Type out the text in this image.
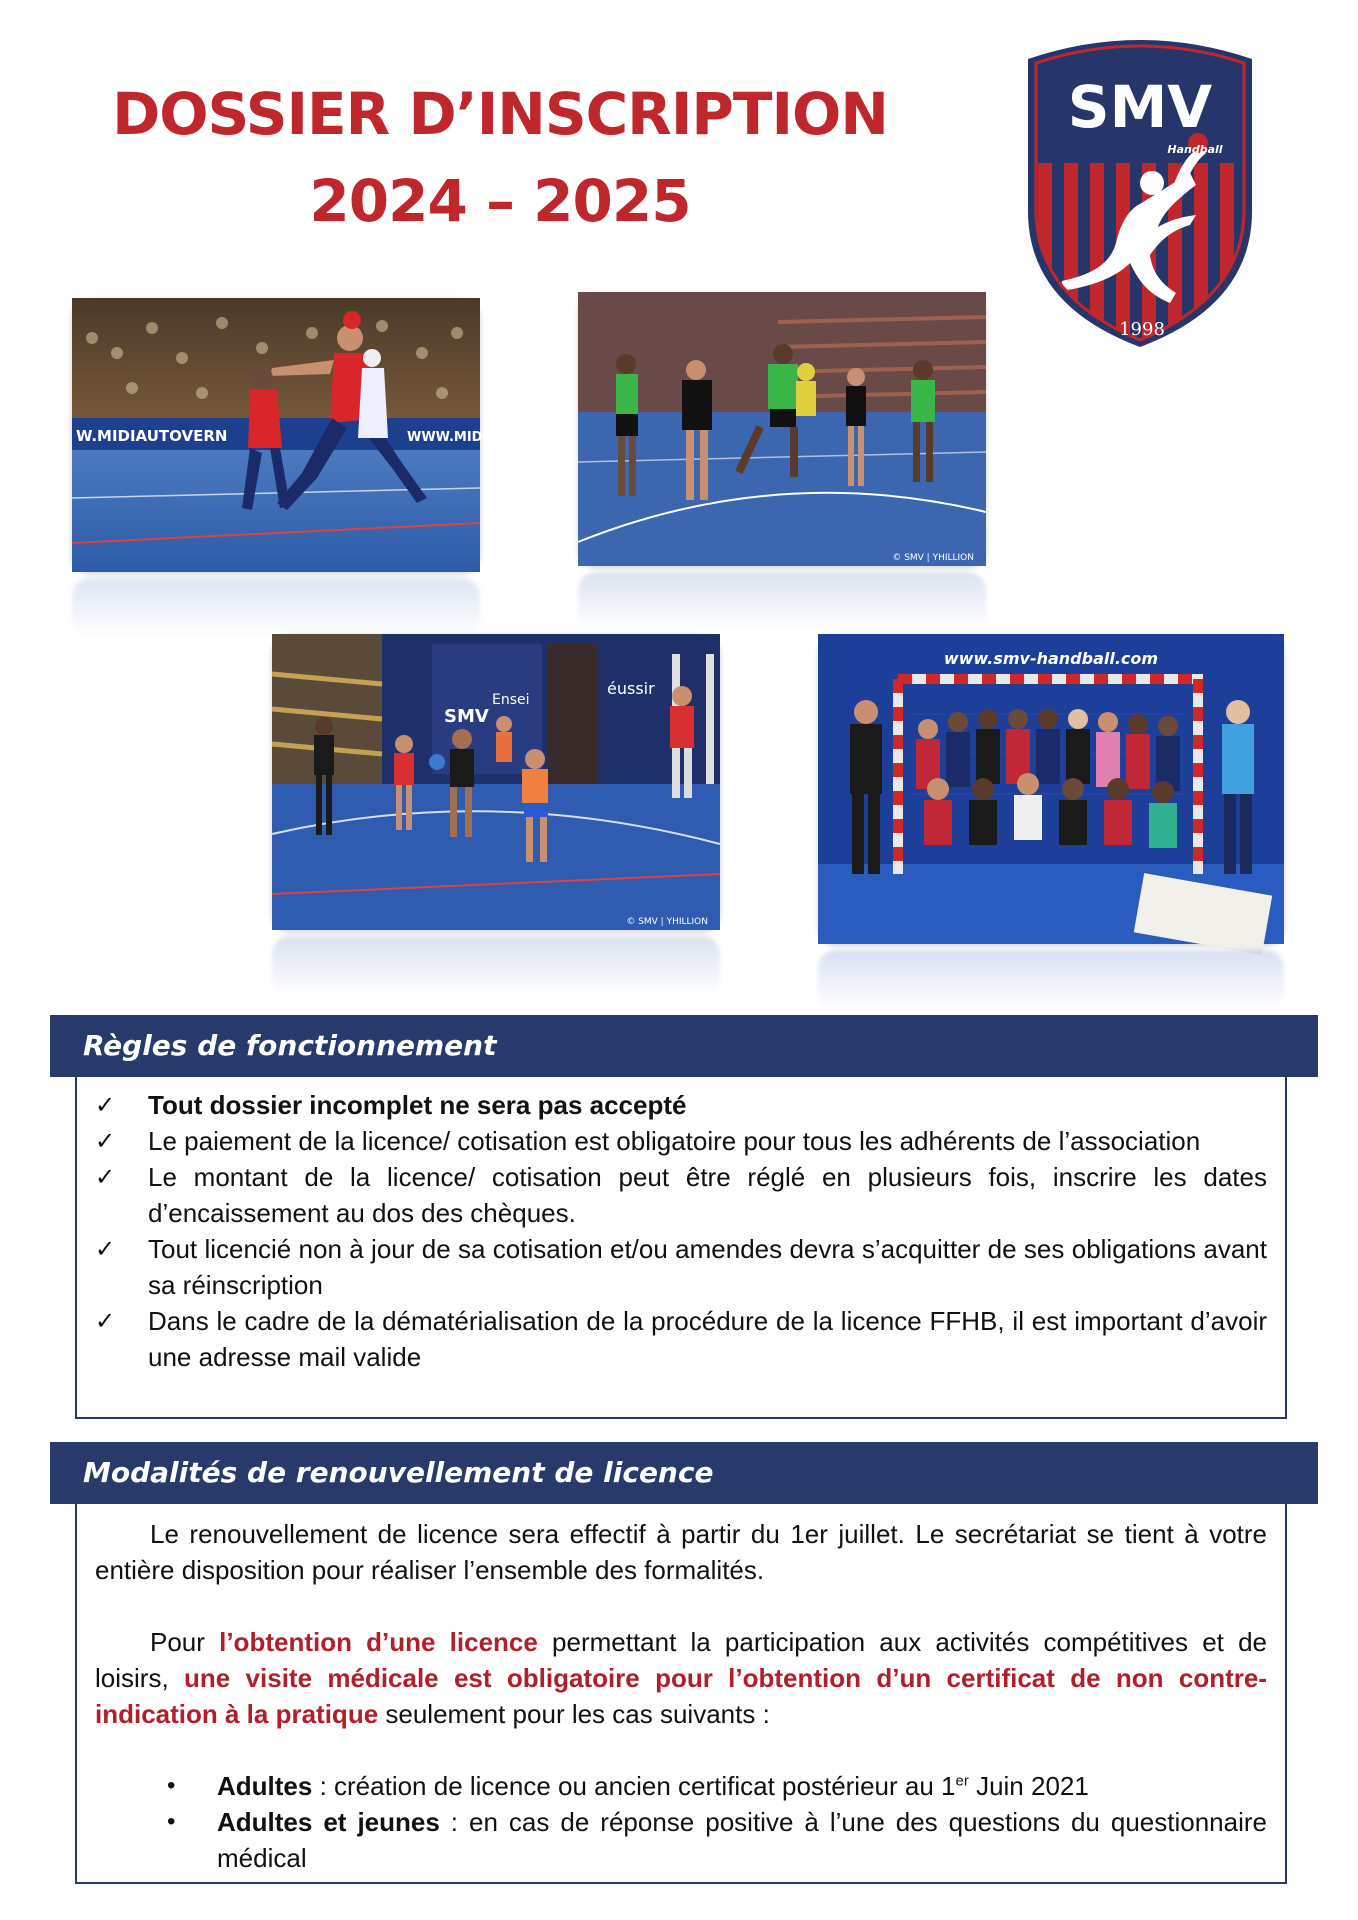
DOSSIER D’INSCRIPTION
2024 – 2025
SMV
Handball
1998
W.MIDIAUTOVERN	WWW.MIDIAUTO
© SMV | YHILLION
SMV
Ensei
éussir
© SMV | YHILLION
www.smv-handball.com
Règles de fonctionnement
✓ Tout dossier incomplet ne sera pas accepté
✓ Le paiement de la licence/ cotisation est obligatoire pour tous les adhérents de l’association
✓ Le montant de la licence/ cotisation peut être réglé en plusieurs fois, inscrire les dates d’encaissement au dos des chèques.
✓ Tout licencié non à jour de sa cotisation et/ou amendes devra s’acquitter de ses obligations avant sa réinscription
✓ Dans le cadre de la dématérialisation de la procédure de la licence FFHB, il est important d’avoir une adresse mail valide
Modalités de renouvellement de licence

Le renouvellement de licence sera effectif à partir du 1er juillet. Le secrétariat se tient à votre entière disposition pour réaliser l’ensemble des formalités.

Pour l’obtention d’une licence permettant la participation aux activités compétitives et de loisirs, une visite médicale est obligatoire pour l’obtention d’un certificat de non contre-indication à la pratique seulement pour les cas suivants :

• Adultes : création de licence ou ancien certificat postérieur au 1er Juin 2021
• Adultes et jeunes : en cas de réponse positive à l’une des questions du questionnaire médical
